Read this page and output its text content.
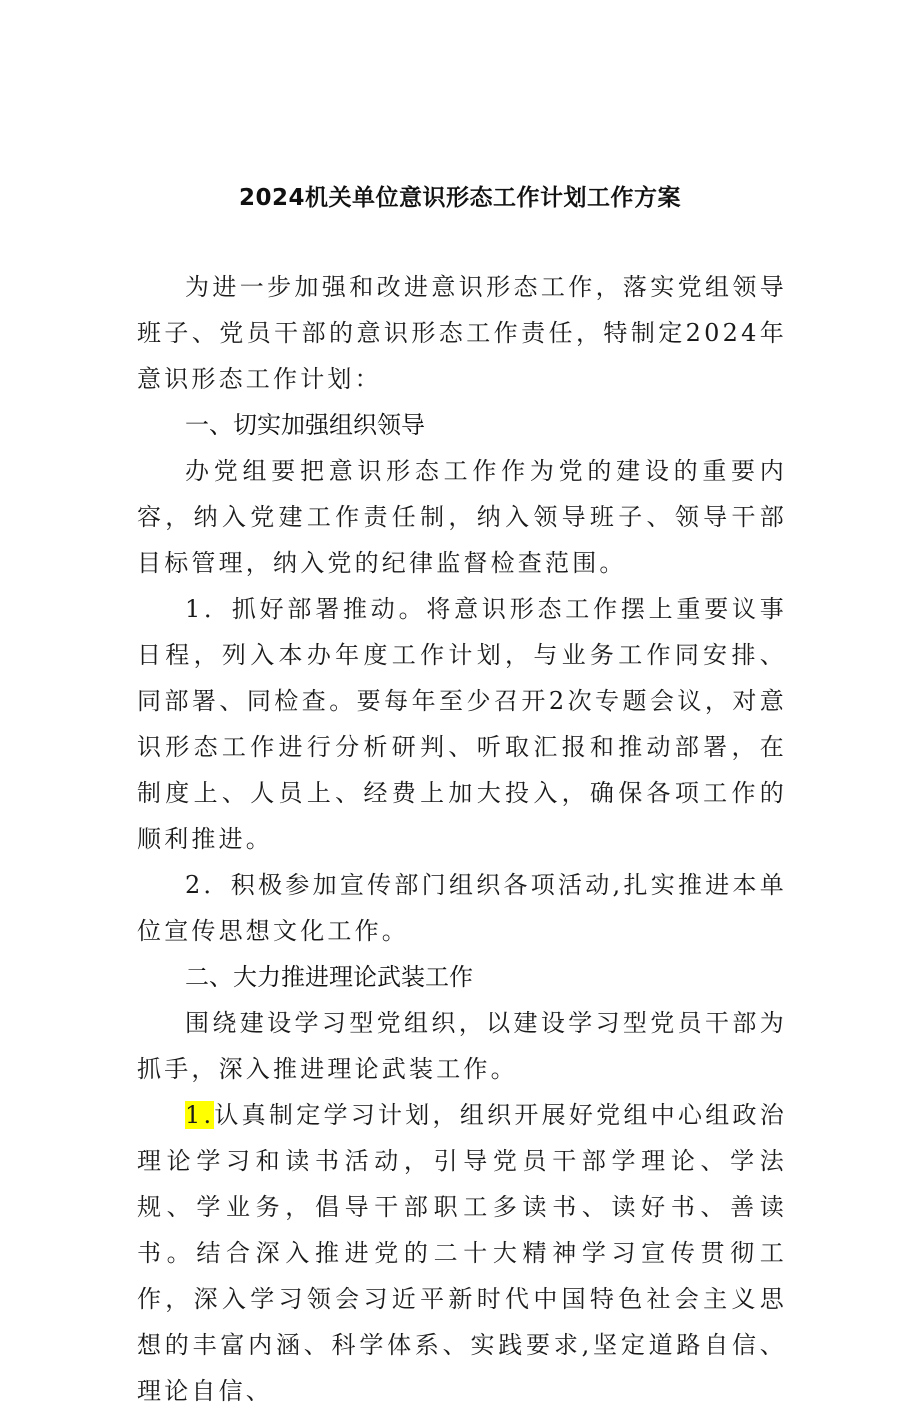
2024机关单位意识形态工作计划工作方案

为进一步加强和改进意识形态工作，落实党组领导班子、党员干部的意识形态工作责任，特制定2024年意识形态工作计划：

一、切实加强组织领导

办党组要把意识形态工作作为党的建设的重要内容，纳入党建工作责任制，纳入领导班子、领导干部目标管理，纳入党的纪律监督检查范围。

1．抓好部署推动。将意识形态工作摆上重要议事日程，列入本办年度工作计划，与业务工作同安排、同部署、同检查。要每年至少召开2次专题会议，对意识形态工作进行分析研判、听取汇报和推动部署，在制度上、人员上、经费上加大投入，确保各项工作的顺利推进。

2．积极参加宣传部门组织各项活动,扎实推进本单位宣传思想文化工作。

二、大力推进理论武装工作

围绕建设学习型党组织，以建设学习型党员干部为抓手，深入推进理论武装工作。

1.认真制定学习计划，组织开展好党组中心组政治理论学习和读书活动，引导党员干部学理论、学法规、学业务，倡导干部职工多读书、读好书、善读书。结合深入推进党的二十大精神学习宣传贯彻工作，深入学习领会习近平新时代中国特色社会主义思想的丰富内涵、科学体系、实践要求,坚定道路自信、理论自信、
